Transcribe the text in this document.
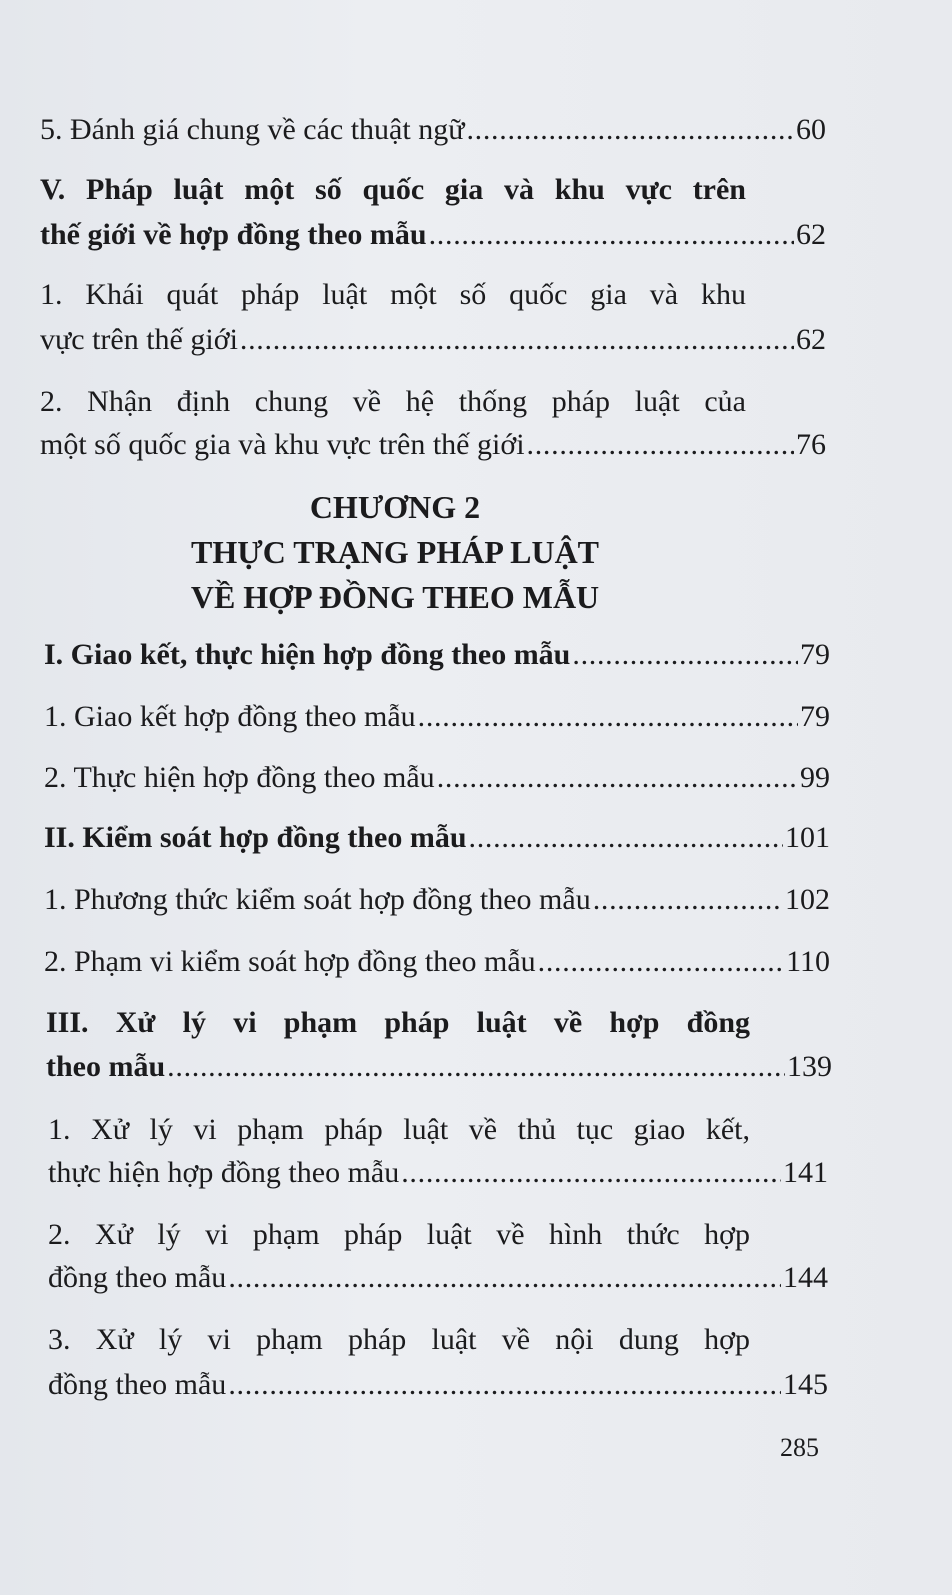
5. Đánh giá chung về các thuật ngữ . . .	60
V. Pháp luật một số quốc gia và khu vực trên
thế giới về hợp đồng theo mẫu . . .	62
1. Khái quát pháp luật một số quốc gia và khu
vực trên thế giới . . .	62
2. Nhận định chung về hệ thống pháp luật của
một số quốc gia và khu vực trên thế giới . . .	76
CHƯƠNG 2
THỰC TRẠNG PHÁP LUẬT
VỀ HỢP ĐỒNG THEO MẪU
I. Giao kết, thực hiện hợp đồng theo mẫu . . .	79
1. Giao kết hợp đồng theo mẫu . . .	79
2. Thực hiện hợp đồng theo mẫu . . .	99
II. Kiểm soát hợp đồng theo mẫu . . .	101
1. Phương thức kiểm soát hợp đồng theo mẫu . . .	102
2. Phạm vi kiểm soát hợp đồng theo mẫu . . .	110
III. Xử lý vi phạm pháp luật về hợp đồng
theo mẫu . . .	139
1. Xử lý vi phạm pháp luật về thủ tục giao kết,
thực hiện hợp đồng theo mẫu . . .	141
2. Xử lý vi phạm pháp luật về hình thức hợp
đồng theo mẫu . . .	144
3. Xử lý vi phạm pháp luật về nội dung hợp
đồng theo mẫu . . .	145
285
